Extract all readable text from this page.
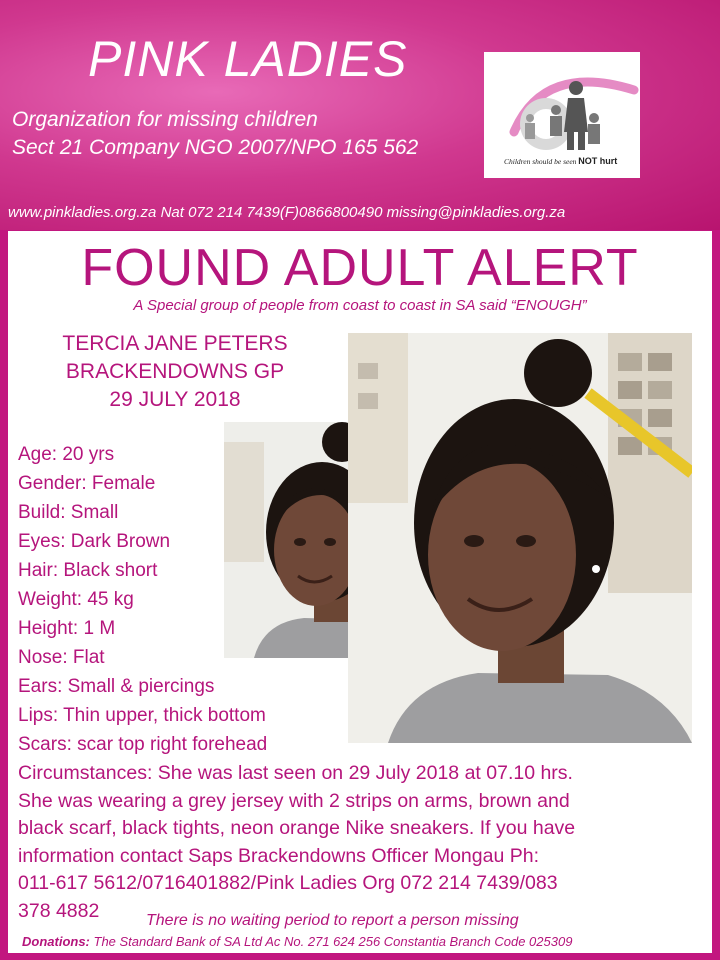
PINK LADIES
Organization for missing children
Sect 21 Company NGO 2007/NPO 165 562
Children should be seen NOT hurt
www.pinkladies.org.za Nat 072 214 7439(F)0866800490 missing@pinkladies.org.za
FOUND ADULT ALERT
A Special group of people from coast to coast in SA said “ENOUGH”
TERCIA JANE PETERS
BRACKENDOWNS GP
29 JULY 2018
Age: 20 yrs
Gender: Female
Build: Small
Eyes: Dark Brown
Hair: Black short
Weight: 45 kg
Height: 1 M
Nose: Flat
Ears: Small & piercings
Lips: Thin upper, thick bottom
Scars: scar top right forehead
Circumstances: She was last seen on 29 July 2018 at 07.10 hrs.
She was wearing a grey jersey with 2 strips on arms, brown and
black scarf, black tights, neon orange Nike sneakers. If you have
information contact Saps Brackendowns Officer Mongau Ph:
011-617 5612/0716401882/Pink Ladies Org 072 214 7439/083
378 4882	There is no waiting period to report a person missing
Donations: The Standard Bank of SA Ltd Ac No. 271 624 256 Constantia Branch Code 025309
